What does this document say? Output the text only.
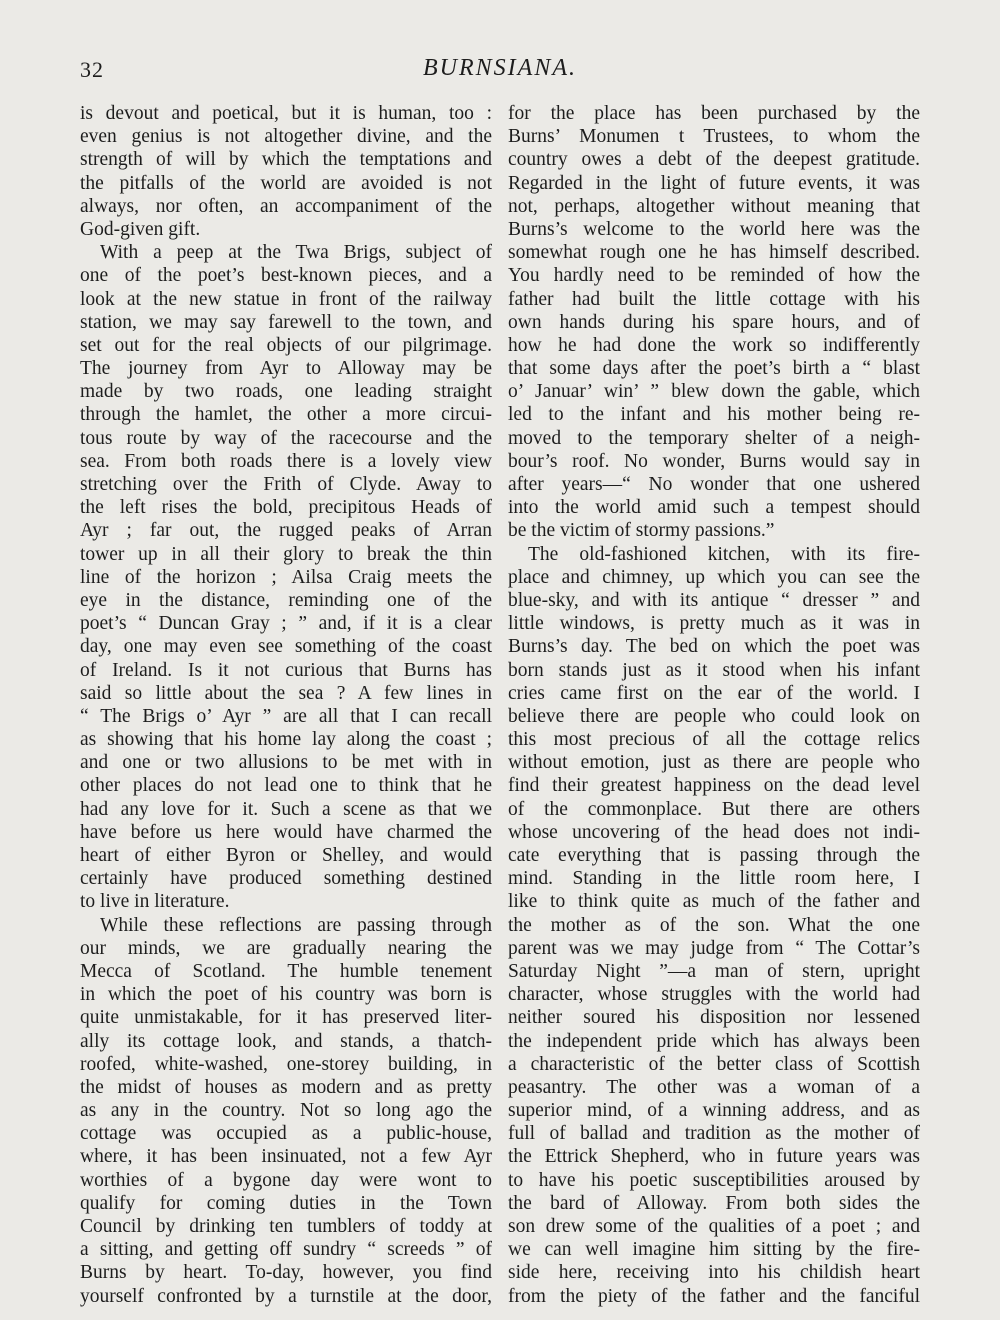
32	BURNSIANA.
is devout and poetical, but it is human, too :
even genius is not altogether divine, and the
strength of will by which the temptations and
the pitfalls of the world are avoided is not
always, nor often, an accompaniment of the
God-given gift.
With a peep at the Twa Brigs, subject of
one of the poet’s best-known pieces, and a
look at the new statue in front of the railway
station, we may say farewell to the town, and
set out for the real objects of our pilgrimage.
The journey from Ayr to Alloway may be
made by two roads, one leading straight
through the hamlet, the other a more circui-
tous route by way of the racecourse and the
sea. From both roads there is a lovely view
stretching over the Frith of Clyde. Away to
the left rises the bold, precipitous Heads of
Ayr ; far out, the rugged peaks of Arran
tower up in all their glory to break the thin
line of the horizon ; Ailsa Craig meets the
eye in the distance, reminding one of the
poet’s “ Duncan Gray ; ” and, if it is a clear
day, one may even see something of the coast
of Ireland. Is it not curious that Burns has
said so little about the sea ? A few lines in
“ The Brigs o’ Ayr ” are all that I can recall
as showing that his home lay along the coast ;
and one or two allusions to be met with in
other places do not lead one to think that he
had any love for it. Such a scene as that we
have before us here would have charmed the
heart of either Byron or Shelley, and would
certainly have produced something destined
to live in literature.
While these reflections are passing through
our minds, we are gradually nearing the
Mecca of Scotland. The humble tenement
in which the poet of his country was born is
quite unmistakable, for it has preserved liter-
ally its cottage look, and stands, a thatch-
roofed, white-washed, one-storey building, in
the midst of houses as modern and as pretty
as any in the country. Not so long ago the
cottage was occupied as a public-house,
where, it has been insinuated, not a few Ayr
worthies of a bygone day were wont to
qualify for coming duties in the Town
Council by drinking ten tumblers of toddy at
a sitting, and getting off sundry “ screeds ” of
Burns by heart. To-day, however, you find
yourself confronted by a turnstile at the door,
for the place has been purchased by the
Burns’ Monumen t Trustees, to whom the
country owes a debt of the deepest gratitude.
Regarded in the light of future events, it was
not, perhaps, altogether without meaning that
Burns’s welcome to the world here was the
somewhat rough one he has himself described.
You hardly need to be reminded of how the
father had built the little cottage with his
own hands during his spare hours, and of
how he had done the work so indifferently
that some days after the poet’s birth a “ blast
o’ Januar’ win’ ” blew down the gable, which
led to the infant and his mother being re-
moved to the temporary shelter of a neigh-
bour’s roof. No wonder, Burns would say in
after years—“ No wonder that one ushered
into the world amid such a tempest should
be the victim of stormy passions.”
The old-fashioned kitchen, with its fire-
place and chimney, up which you can see the
blue-sky, and with its antique “ dresser ” and
little windows, is pretty much as it was in
Burns’s day. The bed on which the poet was
born stands just as it stood when his infant
cries came first on the ear of the world. I
believe there are people who could look on
this most precious of all the cottage relics
without emotion, just as there are people who
find their greatest happiness on the dead level
of the commonplace. But there are others
whose uncovering of the head does not indi-
cate everything that is passing through the
mind. Standing in the little room here, I
like to think quite as much of the father and
the mother as of the son. What the one
parent was we may judge from “ The Cottar’s
Saturday Night ”—a man of stern, upright
character, whose struggles with the world had
neither soured his disposition nor lessened
the independent pride which has always been
a characteristic of the better class of Scottish
peasantry. The other was a woman of a
superior mind, of a winning address, and as
full of ballad and tradition as the mother of
the Ettrick Shepherd, who in future years was
to have his poetic susceptibilities aroused by
the bard of Alloway. From both sides the
son drew some of the qualities of a poet ; and
we can well imagine him sitting by the fire-
side here, receiving into his childish heart
from the piety of the father and the fanciful
